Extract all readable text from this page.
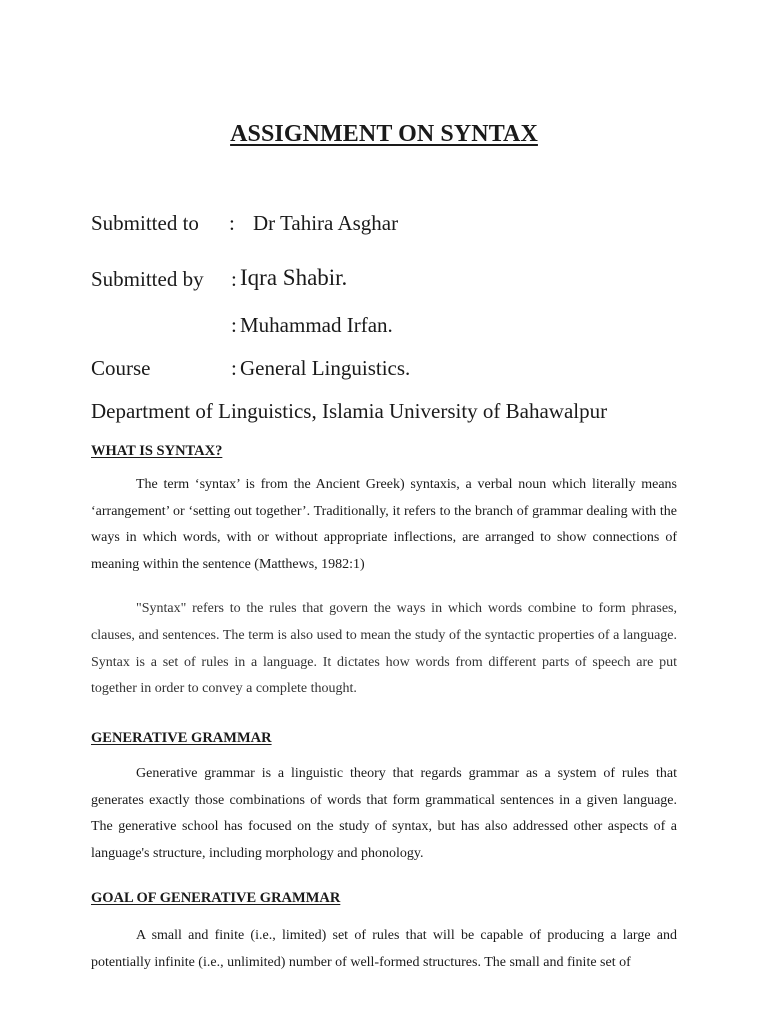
ASSIGNMENT ON SYNTAX
Submitted to : Dr Tahira Asghar
Submitted by : Iqra Shabir.
: Muhammad Irfan.
Course	: General Linguistics.
Department of Linguistics, Islamia University of Bahawalpur
WHAT IS SYNTAX?

The term ‘syntax’ is from the Ancient Greek) syntaxis, a verbal noun which literally means ‘arrangement’ or ‘setting out together’. Traditionally, it refers to the branch of grammar dealing with the ways in which words, with or without appropriate inflections, are arranged to show connections of meaning within the sentence (Matthews, 1982:1)

"Syntax" refers to the rules that govern the ways in which words combine to form phrases, clauses, and sentences. The term is also used to mean the study of the syntactic properties of a language. Syntax is a set of rules in a language. It dictates how words from different parts of speech are put together in order to convey a complete thought.

GENERATIVE GRAMMAR

Generative grammar is a linguistic theory that regards grammar as a system of rules that generates exactly those combinations of words that form grammatical sentences in a given language. The generative school has focused on the study of syntax, but has also addressed other aspects of a language's structure, including morphology and phonology.

GOAL OF GENERATIVE GRAMMAR

A small and finite (i.e., limited) set of rules that will be capable of producing a large and potentially infinite (i.e., unlimited) number of well-formed structures. The small and finite set of
